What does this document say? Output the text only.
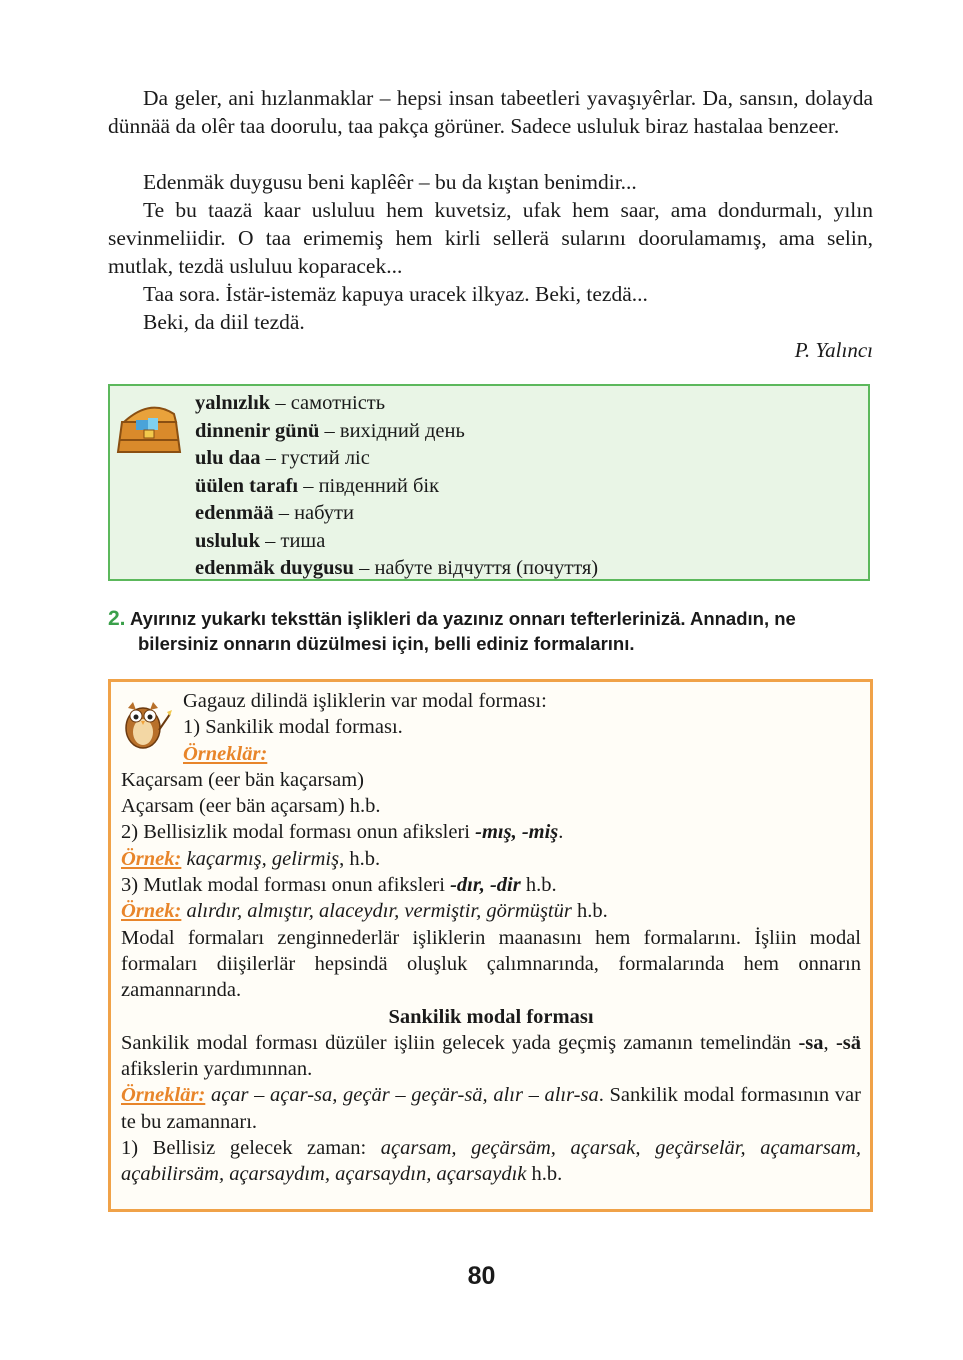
Da geler, ani hızlanmaklar – hepsi insan tabeetleri yavaşıyêrlar. Da, sansın, dolayda dünnää da olêr taa doorulu, taa pakça görüner. Sadece usluluk biraz hastalaa benzeer.
Edenmäk duygusu beni kaplêêr – bu da kıştan benimdir...
Te bu taazä kaar usluluu hem kuvetsiz, ufak hem saar, ama dondurmalı, yılın sevinmeliidir. O taa erimemiş hem kirli sellerä sularını doorulamamış, ama selin, mutlak, tezdä usluluu koparacek...
Taa sora. İstär-istemäz kapuya uracek ilkyaz. Beki, tezdä...
Beki, da diil tezdä.
P. Yalıncı
yalnızlık – самотність
dinnenir günü – вихідний день
ulu daa – густий ліс
üülen tarafı – південний бік
edenmää – набути
usluluk – тиша
edenmäk duygusu – набуте відчуття (почуття)
2. Ayırınız yukarkı teksttän işlikleri da yazınız onnarı tefterlerinizä. Annadın, ne bilersiniz onnarın düzülmesi için, belli ediniz formalarını.
Gagauz dilindä işliklerin var modal forması:
1) Sankilik modal forması.
Örneklär:
Kaçarsam (eer bän kaçarsam)
Açarsam (eer bän açarsam) h.b.
2) Bellisizlik modal forması onun afiksleri -mış, -miş.
Örnek: kaçarmış, gelirmiş, h.b.
3) Mutlak modal forması onun afiksleri -dır, -dir h.b.
Örnek: alırdır, almıştır, alaceydır, vermiştir, görmüştür h.b.
Modal formaları zenginnederlär işliklerin maanasını hem formalarını. İşliin modal formaları diişilerlär hepsindä oluşluk çalımnarında, formalarında hem onnarın zamannarında.
Sankilik modal forması
Sankilik modal forması düzüler işliin gelecek yada geçmiş zamanın temelindän -sa, -sä afikslerin yardımınnan.
Örneklär: açar – açar-sa, geçär – geçär-sä, alır – alır-sa. Sankilik modal formasının var te bu zamannarı.
1) Bellisiz gelecek zaman: açarsam, geçärsäm, açarsak, geçärselär, açamarsam, açabilirsäm, açarsaydım, açarsaydın, açarsaydık h.b.
80
